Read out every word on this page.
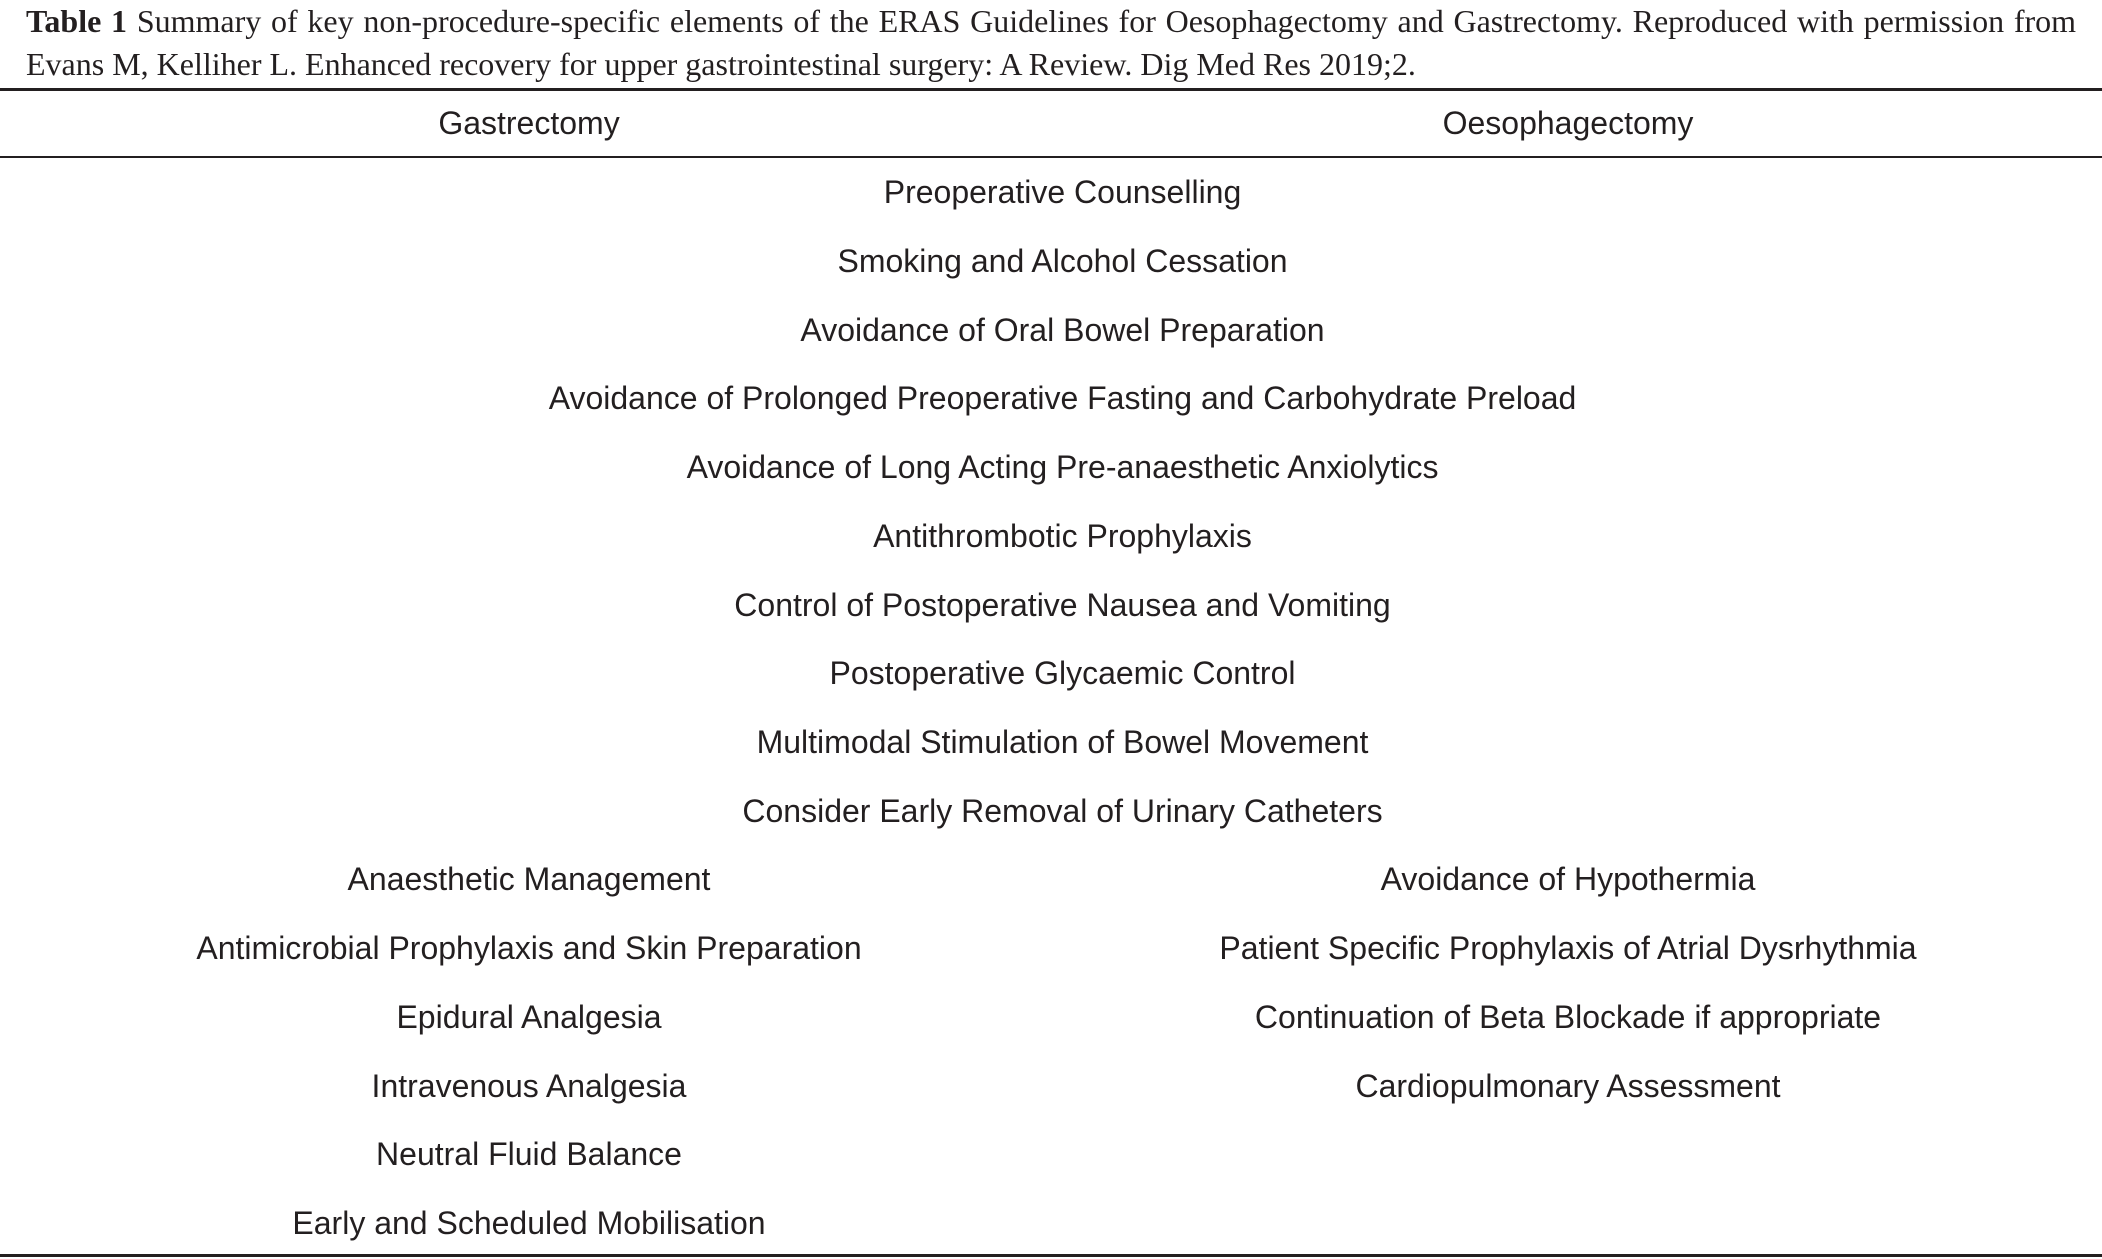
Table 1 Summary of key non-procedure-specific elements of the ERAS Guidelines for Oesophagectomy and Gastrectomy. Reproduced with permission from Evans M, Kelliher L. Enhanced recovery for upper gastrointestinal surgery: A Review. Dig Med Res 2019;2.
Gastrectomy	Oesophagectomy
Preoperative Counselling
Smoking and Alcohol Cessation
Avoidance of Oral Bowel Preparation
Avoidance of Prolonged Preoperative Fasting and Carbohydrate Preload
Avoidance of Long Acting Pre-anaesthetic Anxiolytics
Antithrombotic Prophylaxis
Control of Postoperative Nausea and Vomiting
Postoperative Glycaemic Control
Multimodal Stimulation of Bowel Movement
Consider Early Removal of Urinary Catheters
Anaesthetic Management
Antimicrobial Prophylaxis and Skin Preparation
Epidural Analgesia
Intravenous Analgesia
Neutral Fluid Balance
Early and Scheduled Mobilisation
Avoidance of Hypothermia
Patient Specific Prophylaxis of Atrial Dysrhythmia
Continuation of Beta Blockade if appropriate
Cardiopulmonary Assessment
